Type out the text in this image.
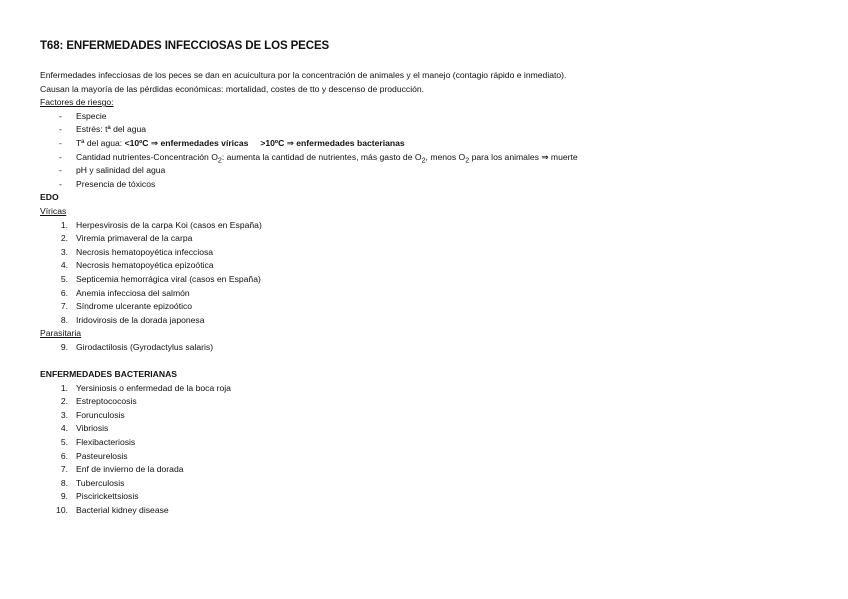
T68: ENFERMEDADES INFECCIOSAS DE LOS PECES
Enfermedades infecciosas de los peces se dan en acuicultura por la concentración de animales y el manejo (contagio rápido e inmediato).
Causan la mayoría de las pérdidas económicas: mortalidad, costes de tto y descenso de producción.
Factores de riesgo:
- Especie
- Estrés: tª del agua
- Tª del agua: <10ºC ⇒ enfermedades víricas >10ºC ⇒ enfermedades bacterianas
- Cantidad nutrientes-Concentración $O_2$: aumenta la cantidad de nutrientes, más gasto de $O_2$, menos $O_2$ para los animales ⇒ muerte
- pH y salinidad del agua
- Presencia de tóxicos
EDO
Víricas
1. Herpesvirosis de la carpa Koi (casos en España)
2. Viremia primaveral de la carpa
3. Necrosis hematopoyética infecciosa
4. Necrosis hematopoyética epizoótica
5. Septicemia hemorrágica viral (casos en España)
6. Anemia infecciosa del salmón
7. Síndrome ulcerante epizoótico
8. Iridovirosis de la dorada japonesa
Parasitaria
9. Girodactilosis (Gyrodactylus salaris)
ENFERMEDADES BACTERIANAS
1. Yersiniosis o enfermedad de la boca roja
2. Estreptococosis
3. Forunculosis
4. Vibriosis
5. Flexibacteriosis
6. Pasteurelosis
7. Enf de invierno de la dorada
8. Tuberculosis
9. Piscirickettsiosis
10. Bacterial kidney disease
